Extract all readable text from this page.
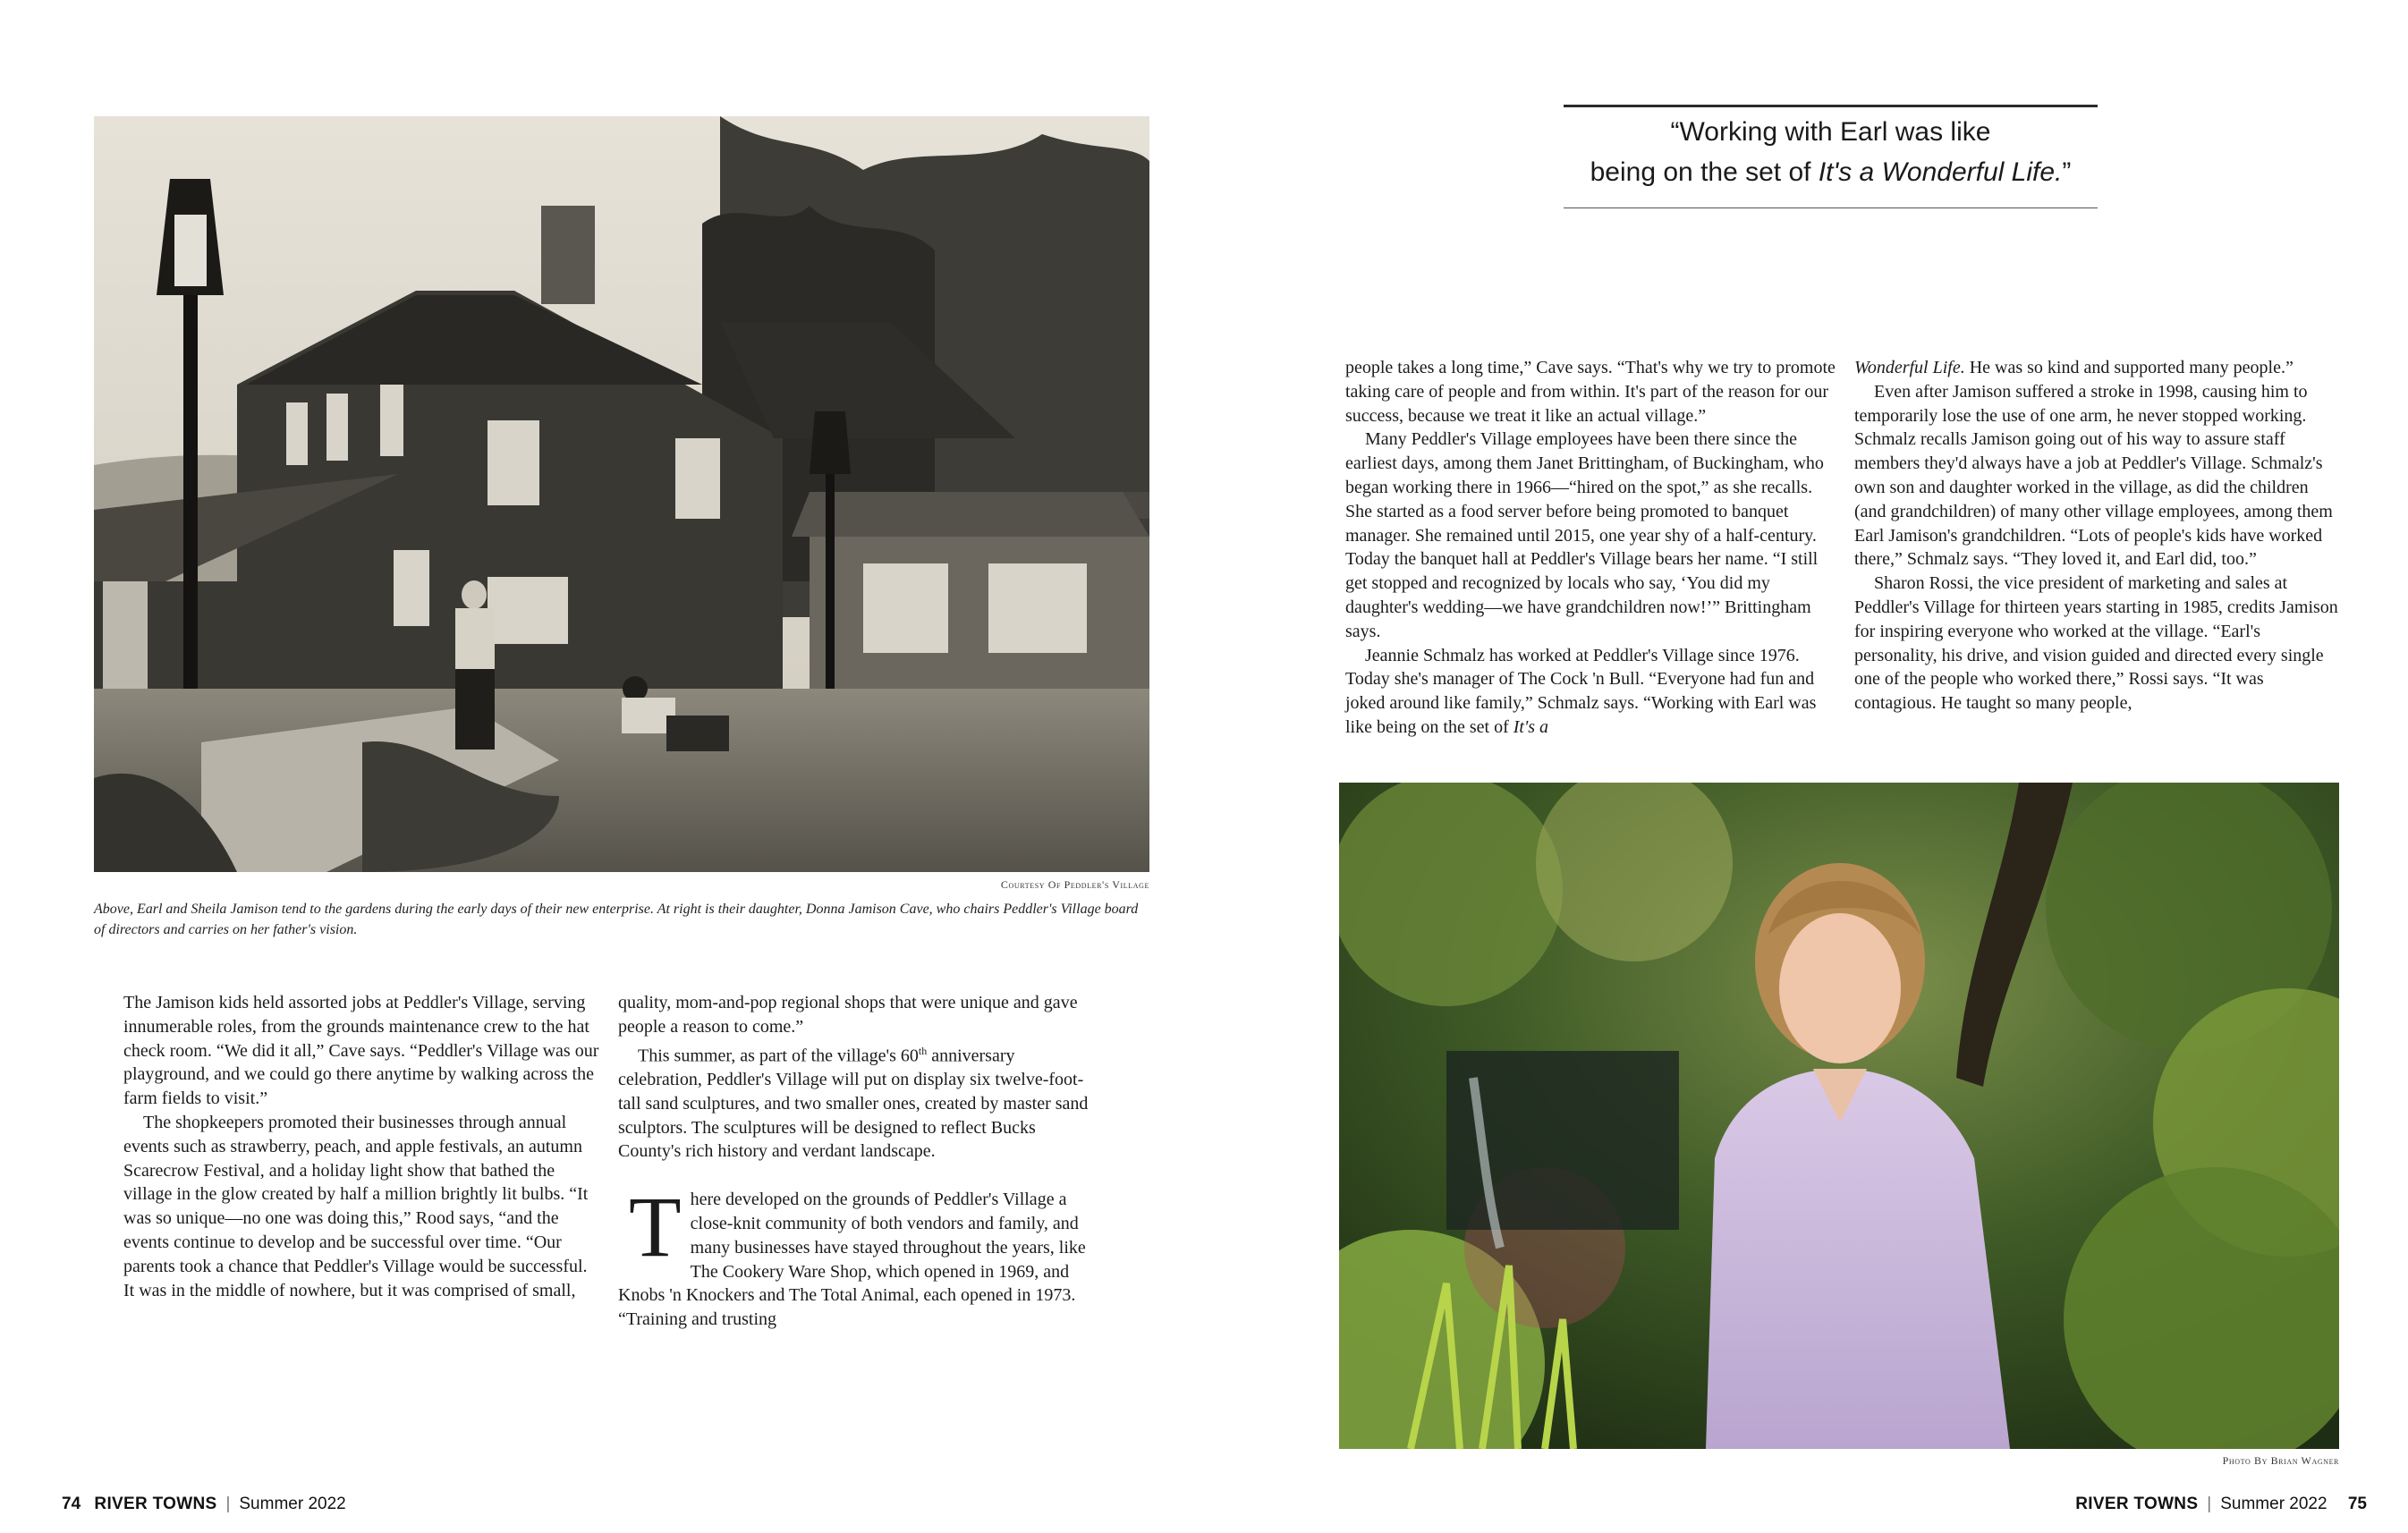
Courtesy Of Peddler's Village
Above, Earl and Sheila Jamison tend to the gardens during the early days of their new enterprise. At right is their daughter, Donna Jamison Cave, who chairs Peddler's Village board of directors and carries on her father's vision.

The Jamison kids held assorted jobs at Peddler's Village, serving innumerable roles, from the grounds maintenance crew to the hat check room. “We did it all,” Cave says. “Peddler's Village was our playground, and we could go there anytime by walking across the farm fields to visit.”

The shopkeepers promoted their businesses through annual events such as strawberry, peach, and apple festivals, an autumn Scarecrow Festival, and a holiday light show that bathed the village in the glow created by half a million brightly lit bulbs. “It was so unique—no one was doing this,” Rood says, “and the events continue to develop and be successful over time. “Our parents took a chance that Peddler's Village would be successful. It was in the middle of nowhere, but it was comprised of small,

quality, mom-and-pop regional shops that were unique and gave people a reason to come.”

This summer, as part of the village's 60th anniversary celebration, Peddler's Village will put on display six twelve-foot-tall sand sculptures, and two smaller ones, created by master sand sculptors. The sculptures will be designed to reflect Bucks County's rich history and verdant landscape.

There developed on the grounds of Peddler's Village a close-knit community of both vendors and family, and many businesses have stayed throughout the years, like The Cookery Ware Shop, which opened in 1969, and Knobs 'n Knockers and The Total Animal, each opened in 1973. “Training and trusting

74 RIVER TOWNS | Summer 2022
“Working with Earl was like
being on the set of It's a Wonderful Life.”

people takes a long time,” Cave says. “That's why we try to promote taking care of people and from within. It's part of the reason for our success, because we treat it like an actual village.”

Many Peddler's Village employees have been there since the earliest days, among them Janet Brittingham, of Buckingham, who began working there in 1966—“hired on the spot,” as she recalls. She started as a food server before being promoted to banquet manager. She remained until 2015, one year shy of a half-century. Today the banquet hall at Peddler's Village bears her name. “I still get stopped and recognized by locals who say, ‘You did my daughter's wedding—we have grandchildren now!’” Brittingham says.

Jeannie Schmalz has worked at Peddler's Village since 1976. Today she's manager of The Cock 'n Bull. “Everyone had fun and joked around like family,” Schmalz says. “Working with Earl was like being on the set of It's a

Wonderful Life. He was so kind and supported many people.”

Even after Jamison suffered a stroke in 1998, causing him to temporarily lose the use of one arm, he never stopped working. Schmalz recalls Jamison going out of his way to assure staff members they'd always have a job at Peddler's Village. Schmalz's own son and daughter worked in the village, as did the children (and grandchildren) of many other village employees, among them Earl Jamison's grandchildren. “Lots of people's kids have worked there,” Schmalz says. “They loved it, and Earl did, too.”

Sharon Rossi, the vice president of marketing and sales at Peddler's Village for thirteen years starting in 1985, credits Jamison for inspiring everyone who worked at the village. “Earl's personality, his drive, and vision guided and directed every single one of the people who worked there,” Rossi says. “It was contagious. He taught so many people,

Photo By Brian Wagner
RIVER TOWNS | Summer 2022 75
